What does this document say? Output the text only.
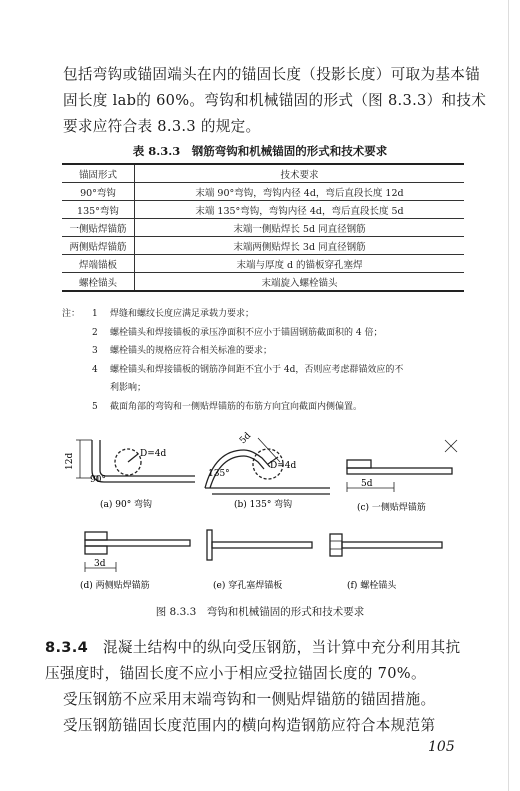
包括弯钩或锚固端头在内的锚固长度（投影长度）可取为基本锚
固长度 lab的 60%。弯钩和机械锚固的形式（图 8.3.3）和技术
要求应符合表 8.3.3 的规定。
表 8.3.3　钢筋弯钩和机械锚固的形式和技术要求
锚固形式	技术要求
90°弯钩	末端 90°弯钩，弯钩内径 4d，弯后直段长度 12d
135°弯钩	末端 135°弯钩，弯钩内径 4d，弯后直段长度 5d
一侧贴焊锚筋	末端一侧贴焊长 5d 同直径钢筋
两侧贴焊锚筋	末端两侧贴焊长 3d 同直径钢筋
焊端锚板	末端与厚度 d 的锚板穿孔塞焊
螺栓锚头	末端旋入螺栓锚头
注：	1	焊缝和螺纹长度应满足承载力要求；
2	螺栓锚头和焊接锚板的承压净面积不应小于锚固钢筋截面积的 4 倍；
3	螺栓锚头的规格应符合相关标准的要求；
4	螺栓锚头和焊接锚板的钢筋净间距不宜小于 4d，否则应考虑群锚效应的不
利影响；
5	截面角部的弯钩和一侧贴焊锚筋的布筋方向宜向截面内侧偏置。
D=4d
12d
90°
5d
135°
D=4d
5d
3d
(a) 90° 弯钩	(b) 135° 弯钩	(c) 一侧贴焊锚筋
(d) 两侧贴焊锚筋	(e) 穿孔塞焊锚板	(f) 螺栓锚头
图 8.3.3　弯钩和机械锚固的形式和技术要求
8.3.4　 混凝土结构中的纵向受压钢筋，当计算中充分利用其抗
压强度时，锚固长度不应小于相应受拉锚固长度的 70%。
受压钢筋不应采用末端弯钩和一侧贴焊锚筋的锚固措施。
受压钢筋锚固长度范围内的横向构造钢筋应符合本规范第
105
